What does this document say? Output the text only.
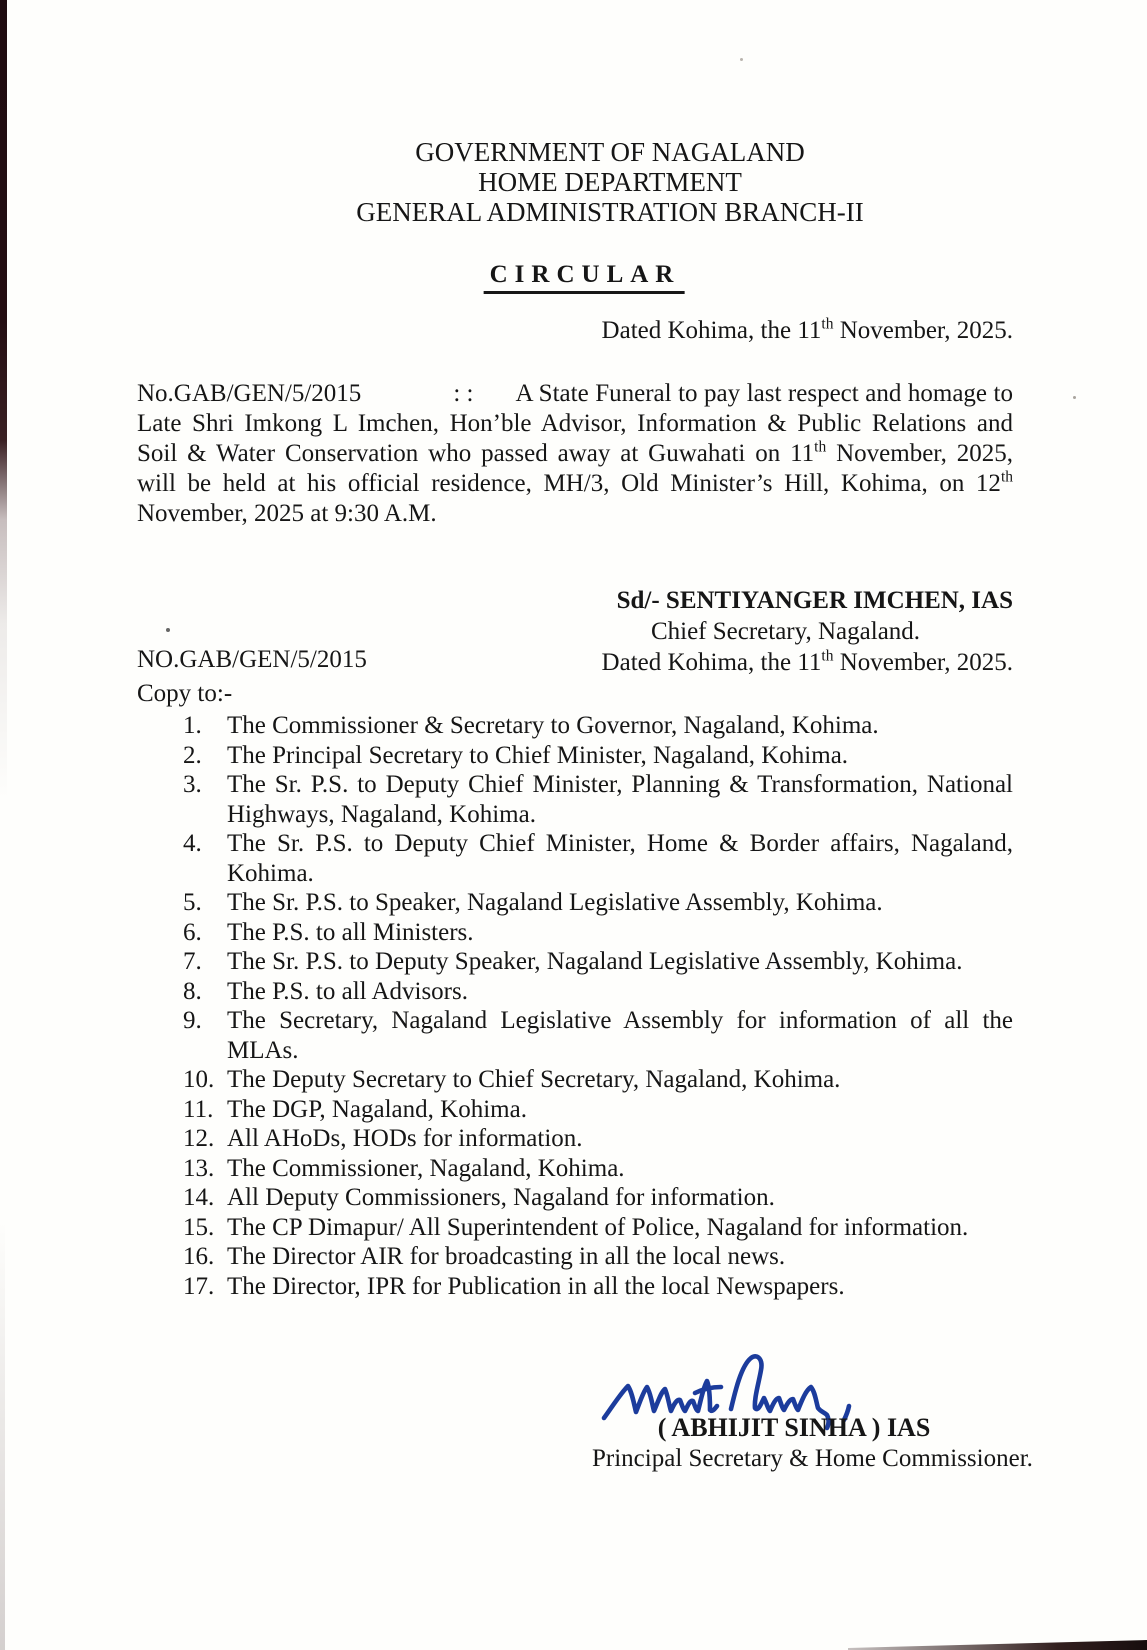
GOVERNMENT OF NAGALAND
HOME DEPARTMENT
GENERAL ADMINISTRATION BRANCH-II
CIRCULAR
Dated Kohima, the 11th November, 2025.
No.GAB/GEN/5/2015	: : A State Funeral to pay last respect and homage to
Late Shri Imkong L Imchen, Hon’ble Advisor, Information & Public Relations and
Soil & Water Conservation who passed away at Guwahati on 11th November, 2025,
will be held at his official residence, MH/3, Old Minister’s Hill, Kohima, on 12th
November, 2025 at 9:30 A.M.
Sd/- SENTIYANGER IMCHEN, IAS
Chief Secretary, Nagaland.
Dated Kohima, the 11th November, 2025.
NO.GAB/GEN/5/2015
Copy to:-
1.	The Commissioner & Secretary to Governor, Nagaland, Kohima.
2.	The Principal Secretary to Chief Minister, Nagaland, Kohima.
3.	The Sr. P.S. to Deputy Chief Minister, Planning & Transformation, National
Highways, Nagaland, Kohima.
4.	The Sr. P.S. to Deputy Chief Minister, Home & Border affairs, Nagaland,
Kohima.
5.	The Sr. P.S. to Speaker, Nagaland Legislative Assembly, Kohima.
6.	The P.S. to all Ministers.
7.	The Sr. P.S. to Deputy Speaker, Nagaland Legislative Assembly, Kohima.
8.	The P.S. to all Advisors.
9.	The Secretary, Nagaland Legislative Assembly for information of all the
MLAs.
10. The Deputy Secretary to Chief Secretary, Nagaland, Kohima.
11. The DGP, Nagaland, Kohima.
12. All AHoDs, HODs for information.
13. The Commissioner, Nagaland, Kohima.
14. All Deputy Commissioners, Nagaland for information.
15. The CP Dimapur/ All Superintendent of Police, Nagaland for information.
16. The Director AIR for broadcasting in all the local news.
17. The Director, IPR for Publication in all the local Newspapers.
( ABHIJIT SINHA ) IAS
Principal Secretary & Home Commissioner.
